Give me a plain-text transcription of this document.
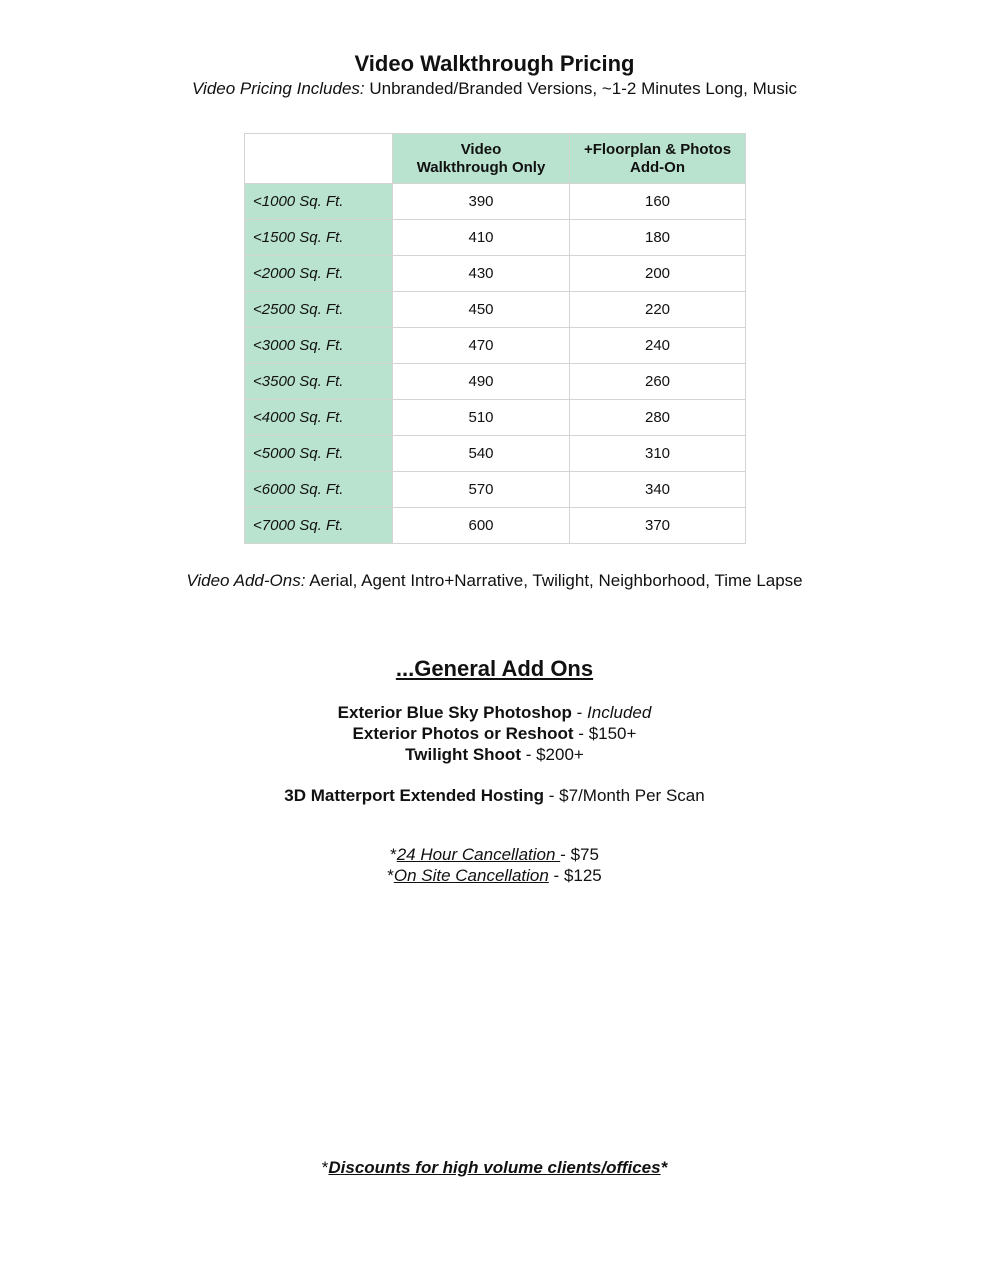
Video Walkthrough Pricing
Video Pricing Includes: Unbranded/Branded Versions, ~1-2 Minutes Long, Music
	Video Walkthrough Only	+Floorplan & Photos Add-On
<1000 Sq. Ft.	390	160
<1500 Sq. Ft.	410	180
<2000 Sq. Ft.	430	200
<2500 Sq. Ft.	450	220
<3000 Sq. Ft.	470	240
<3500 Sq. Ft.	490	260
<4000 Sq. Ft.	510	280
<5000 Sq. Ft.	540	310
<6000 Sq. Ft.	570	340
<7000 Sq. Ft.	600	370
Video Add-Ons: Aerial, Agent Intro+Narrative, Twilight, Neighborhood, Time Lapse
...General Add Ons
Exterior Blue Sky Photoshop - Included
Exterior Photos or Reshoot - $150+
Twilight Shoot - $200+
3D Matterport Extended Hosting - $7/Month Per Scan
*24 Hour Cancellation - $75
*On Site Cancellation - $125
*Discounts for high volume clients/offices*
